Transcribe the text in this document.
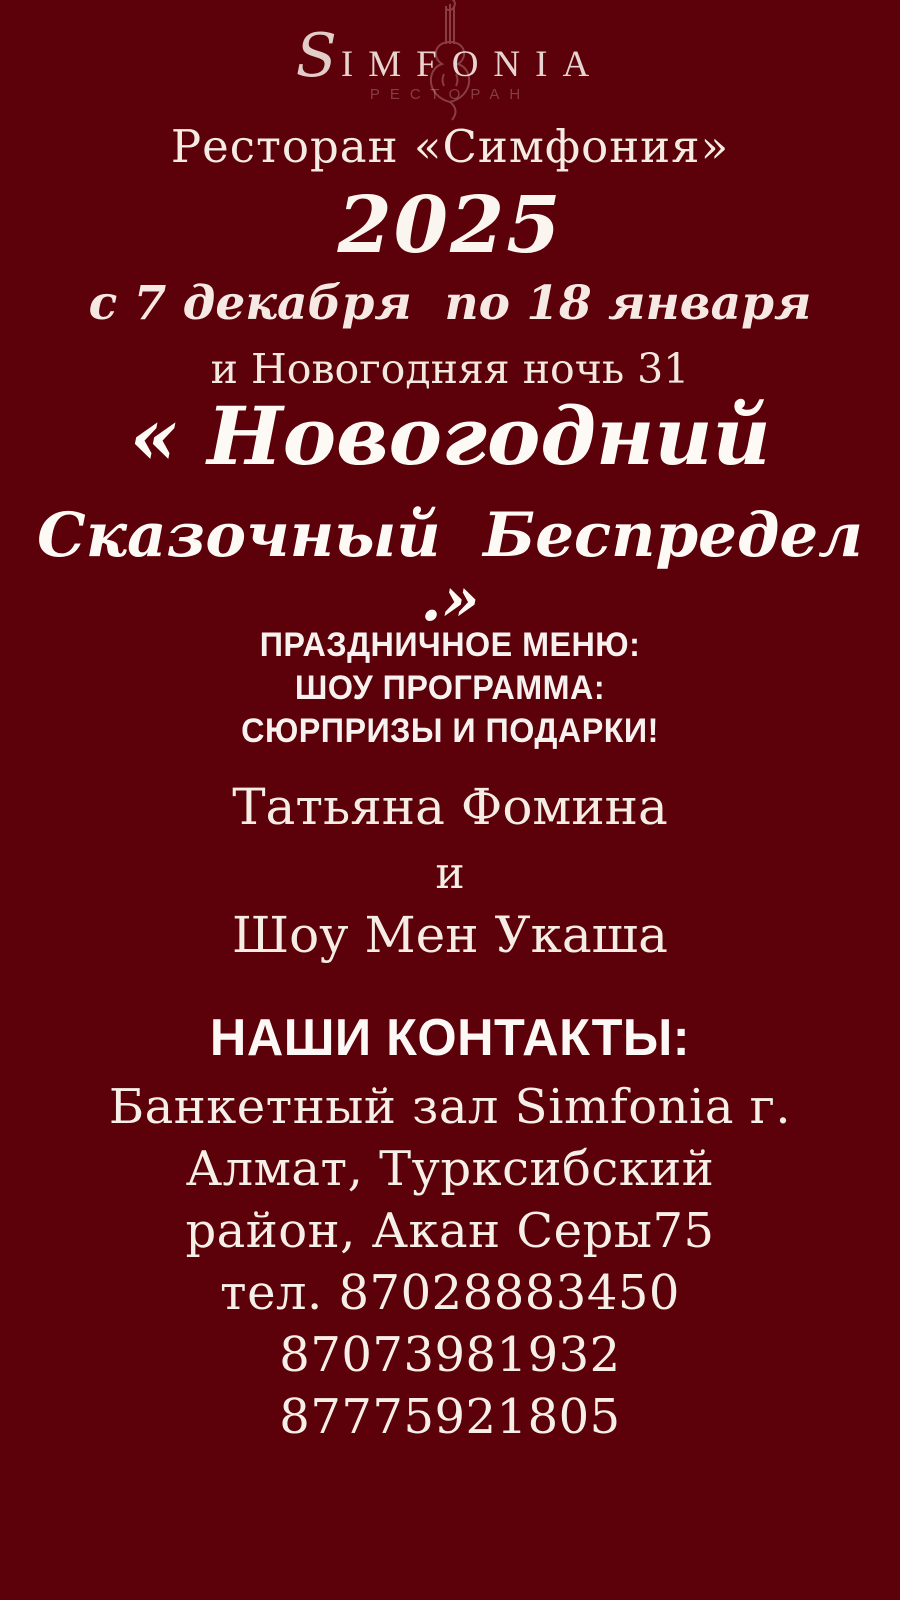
S IMFONIA
РЕСТОРАН
Ресторан «Симфония»
2025
с 7 декабря  по 18 января
и Новогодняя ночь 31
« Новогодний
Сказочный  Беспредел .»
ПРАЗДНИЧНОЕ МЕНЮ:
ШОУ ПРОГРАММА:
СЮРПРИЗЫ И ПОДАРКИ!
Татьяна Фомина
и
Шоу Мен Укаша
НАШИ КОНТАКТЫ:
Банкетный зал Simfonia г.
Алмат, Турксибский
район, Акан Серы75
тел. 87028883450
87073981932
87775921805
